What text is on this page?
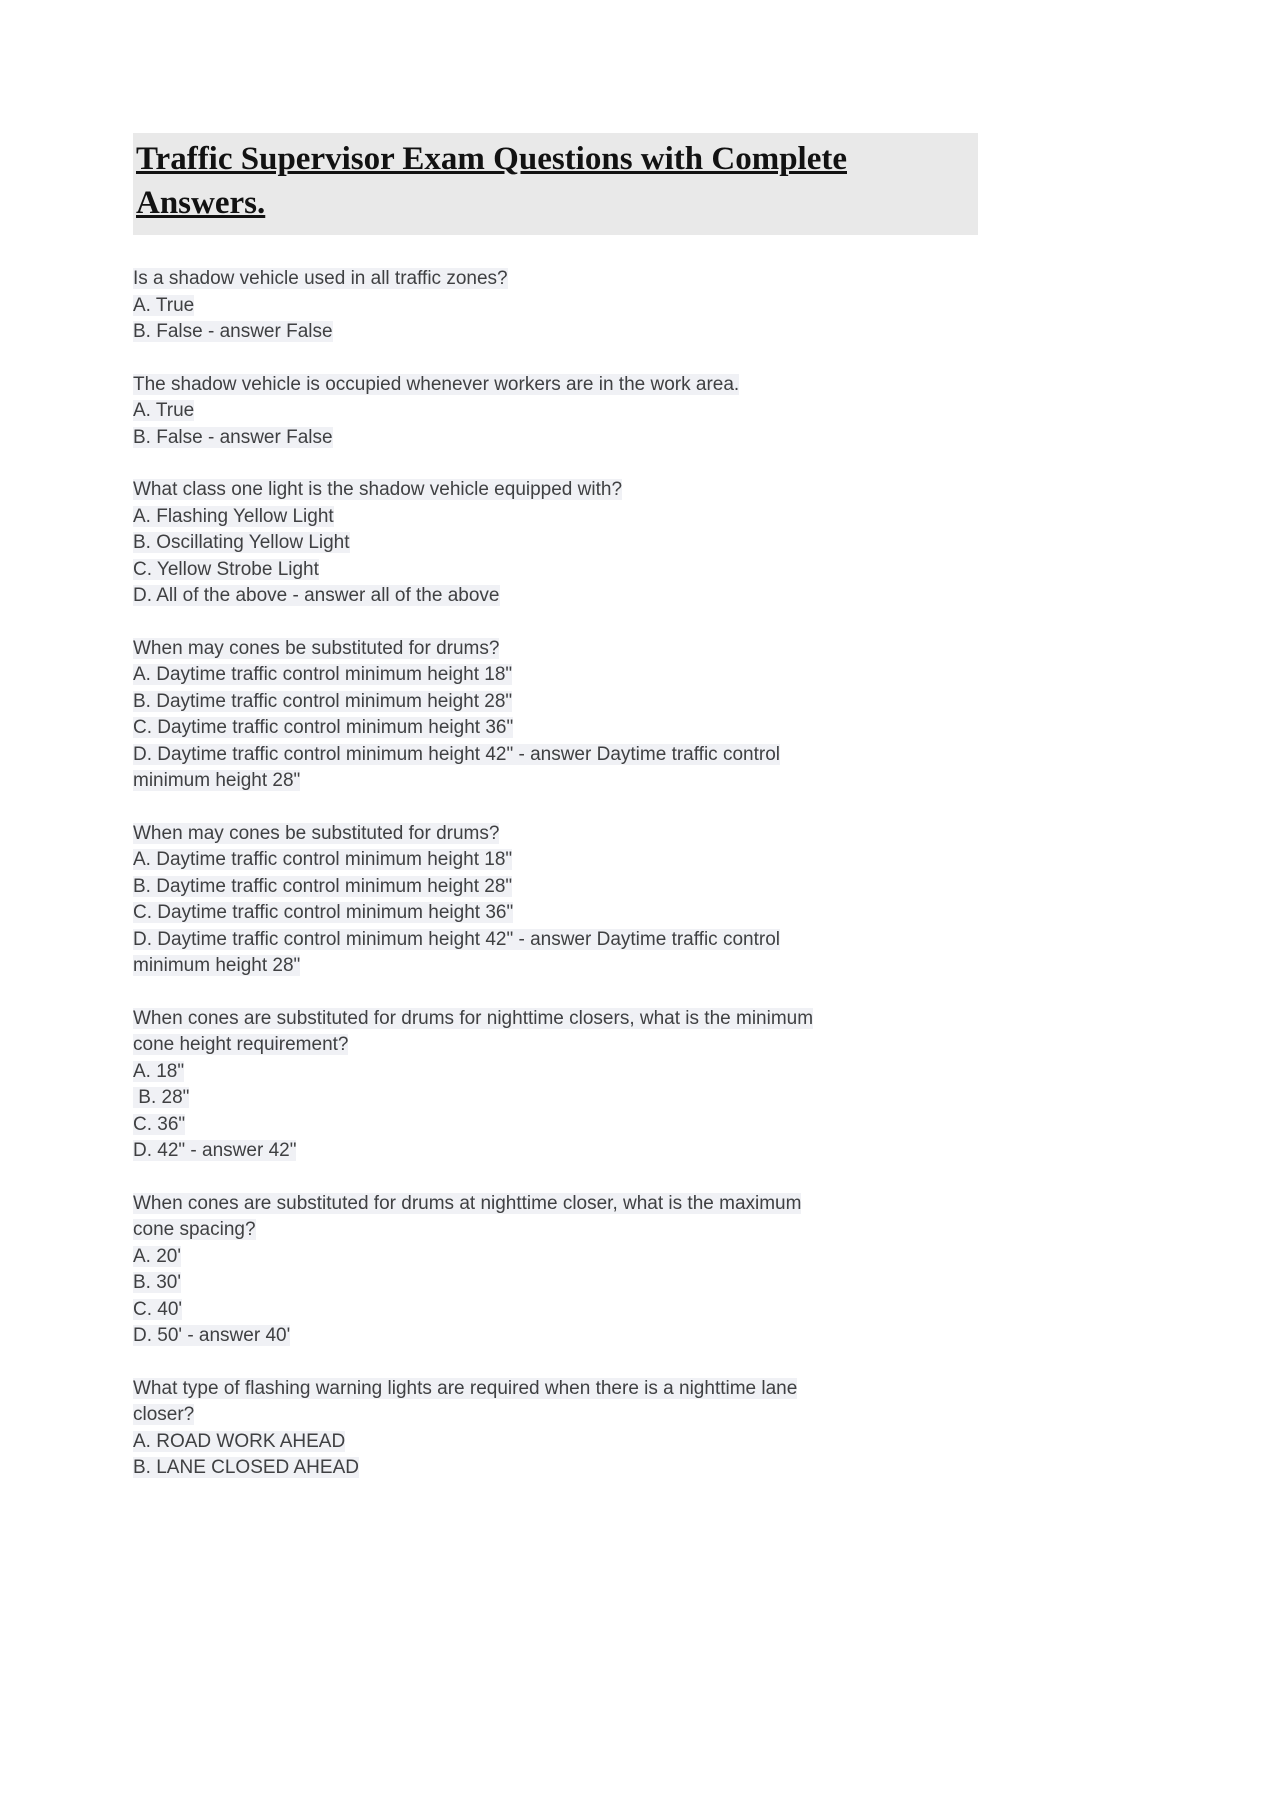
Traffic Supervisor Exam Questions with Complete Answers.
Is a shadow vehicle used in all traffic zones?
A. True
B. False - answer False
The shadow vehicle is occupied whenever workers are in the work area.
A. True
B. False - answer False
What class one light is the shadow vehicle equipped with?
A. Flashing Yellow Light
B. Oscillating Yellow Light
C. Yellow Strobe Light
D. All of the above - answer all of the above
When may cones be substituted for drums?
A. Daytime traffic control minimum height 18"
B. Daytime traffic control minimum height 28"
C. Daytime traffic control minimum height 36"
D. Daytime traffic control minimum height 42" - answer Daytime traffic control
minimum height 28"
When may cones be substituted for drums?
A. Daytime traffic control minimum height 18"
B. Daytime traffic control minimum height 28"
C. Daytime traffic control minimum height 36"
D. Daytime traffic control minimum height 42" - answer Daytime traffic control
minimum height 28"
When cones are substituted for drums for nighttime closers, what is the minimum
cone height requirement?
A. 18"
B. 28"
C. 36"
D. 42" - answer 42"
When cones are substituted for drums at nighttime closer, what is the maximum
cone spacing?
A. 20'
B. 30'
C. 40'
D. 50' - answer 40'
What type of flashing warning lights are required when there is a nighttime lane
closer?
A. ROAD WORK AHEAD
B. LANE CLOSED AHEAD
